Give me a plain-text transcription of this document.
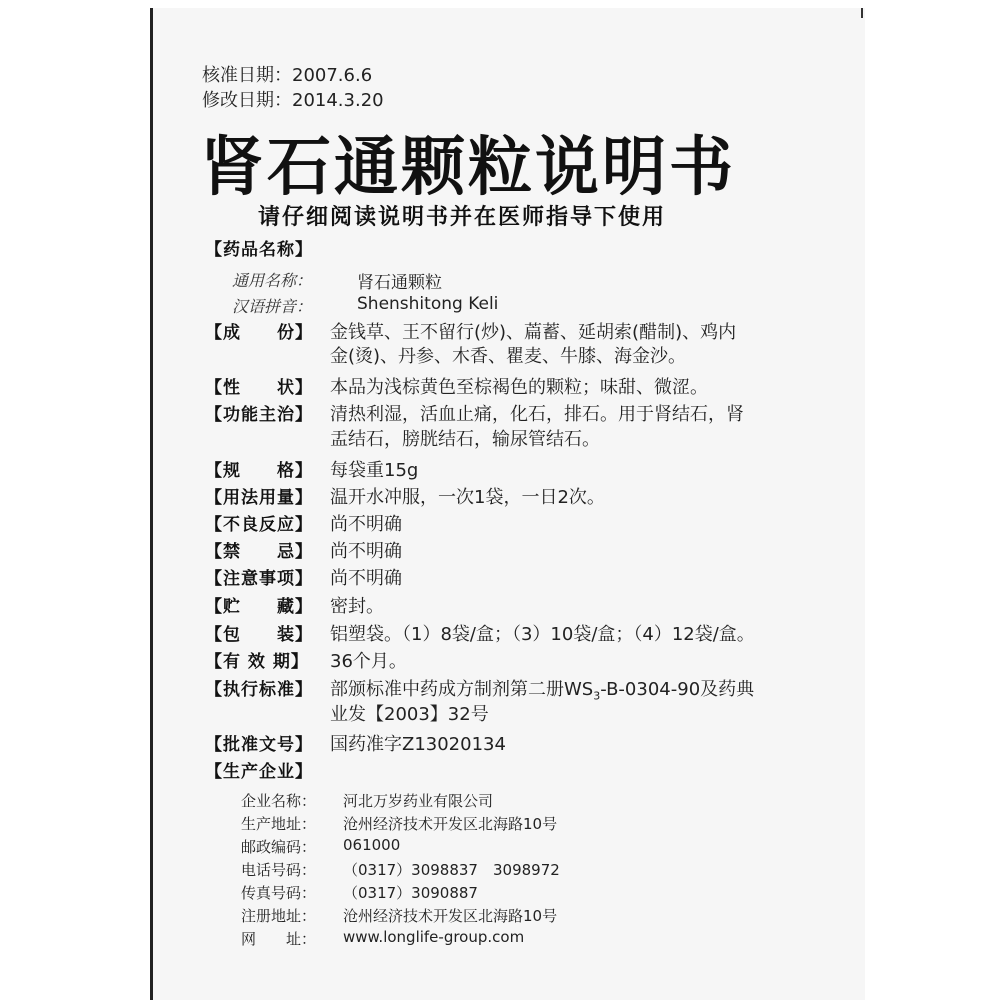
核准日期：2007.6.6
修改日期：2014.3.20
肾石通颗粒说明书
请仔细阅读说明书并在医师指导下使用
【药品名称】
通用名称：	肾石通颗粒
汉语拼音：	Shenshitong Keli
【成　　份】 金钱草、王不留行(炒)、萹蓄、延胡索(醋制)、鸡内
金(烫)、丹参、木香、瞿麦、牛膝、海金沙。
【性　　状】 本品为浅棕黄色至棕褐色的颗粒；味甜、微涩。
【功能主治】 清热利湿，活血止痛，化石，排石。用于肾结石，肾
盂结石，膀胱结石，输尿管结石。
【规　　格】 每袋重15g
【用法用量】 温开水冲服，一次1袋，一日2次。
【不良反应】 尚不明确
【禁　　忌】 尚不明确
【注意事项】 尚不明确
【贮　　藏】 密封。
【包　　装】 铝塑袋。（1）8袋/盒；（3）10袋/盒；（4）12袋/盒。
【有 效 期】	36个月。
【执行标准】 部颁标准中药成方制剂第二册$WS_3-B-0304-90$及药典
业发【2003】32号
【批准文号】 国药准字Z13020134
【生产企业】
企业名称： 河北万岁药业有限公司
生产地址： 沧州经济技术开发区北海路10号
邮政编码： 061000
电话号码： （0317）3098837　3098972
传真号码： （0317）3090887
注册地址： 沧州经济技术开发区北海路10号
网　　址： www.longlife-group.com
